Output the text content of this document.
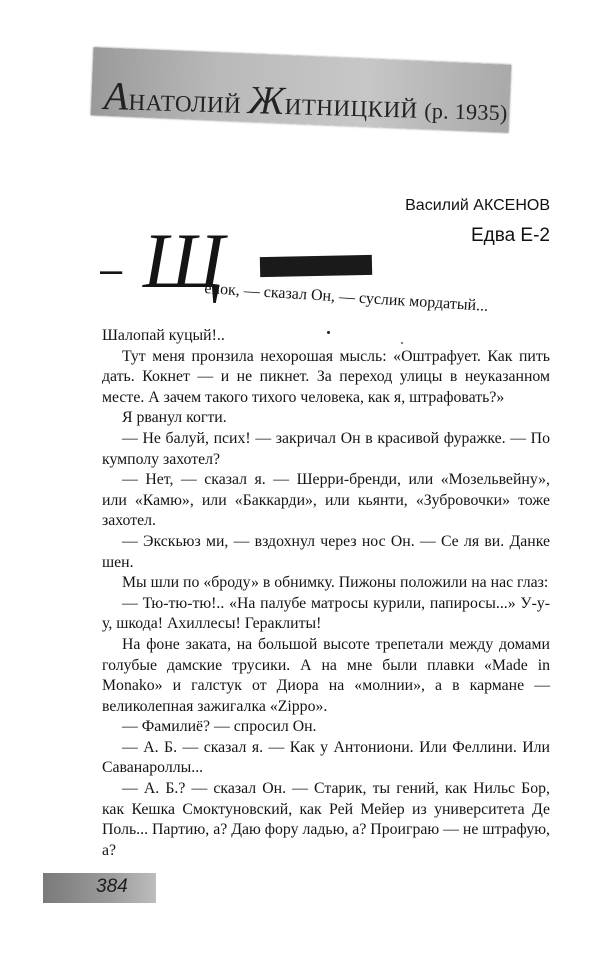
АНАТОЛИЙ ЖИТНИЦКИЙ (р. 1935)
Василий АКСЕНОВ
Едва Е-2
– Щ
енок, — сказал Он, — суслик мордатый...

Шалопай куцый!..

Тут меня пронзила нехорошая мысль: «Оштрафует. Как пить дать. Кокнет — и не пикнет. За переход улицы в неуказанном месте. А зачем такого тихого человека, как я, штрафовать?»

Я рванул когти.

— Не балуй, псих! — закричал Он в красивой фуражке. — По кумполу захотел?

— Нет, — сказал я. — Шерри-бренди, или «Мозельвейну», или «Камю», или «Баккарди», или кьянти, «Зубровочки» тоже захотел.

— Экскьюз ми, — вздохнул через нос Он. — Се ля ви. Данке шен.

Мы шли по «броду» в обнимку. Пижоны положили на нас глаз:

— Тю-тю-тю!.. «На палубе матросы курили, папиросы...» У-у-у, шкода! Ахиллесы! Гераклиты!

На фоне заката, на большой высоте трепетали между домами голубые дамские трусики. А на мне были плавки «Made in Monako» и галстук от Диора на «молнии», а в кармане — великолепная зажигалка «Zippo».

— Фамилиё? — спросил Он.

— А. Б. — сказал я. — Как у Антониони. Или Феллини. Или Саванароллы...

— А. Б.? — сказал Он. — Старик, ты гений, как Нильс Бор, как Кешка Смоктуновский, как Рей Мейер из университета Де Поль... Партию, а? Даю фору ладью, а? Проиграю — не штрафую, а?

384
